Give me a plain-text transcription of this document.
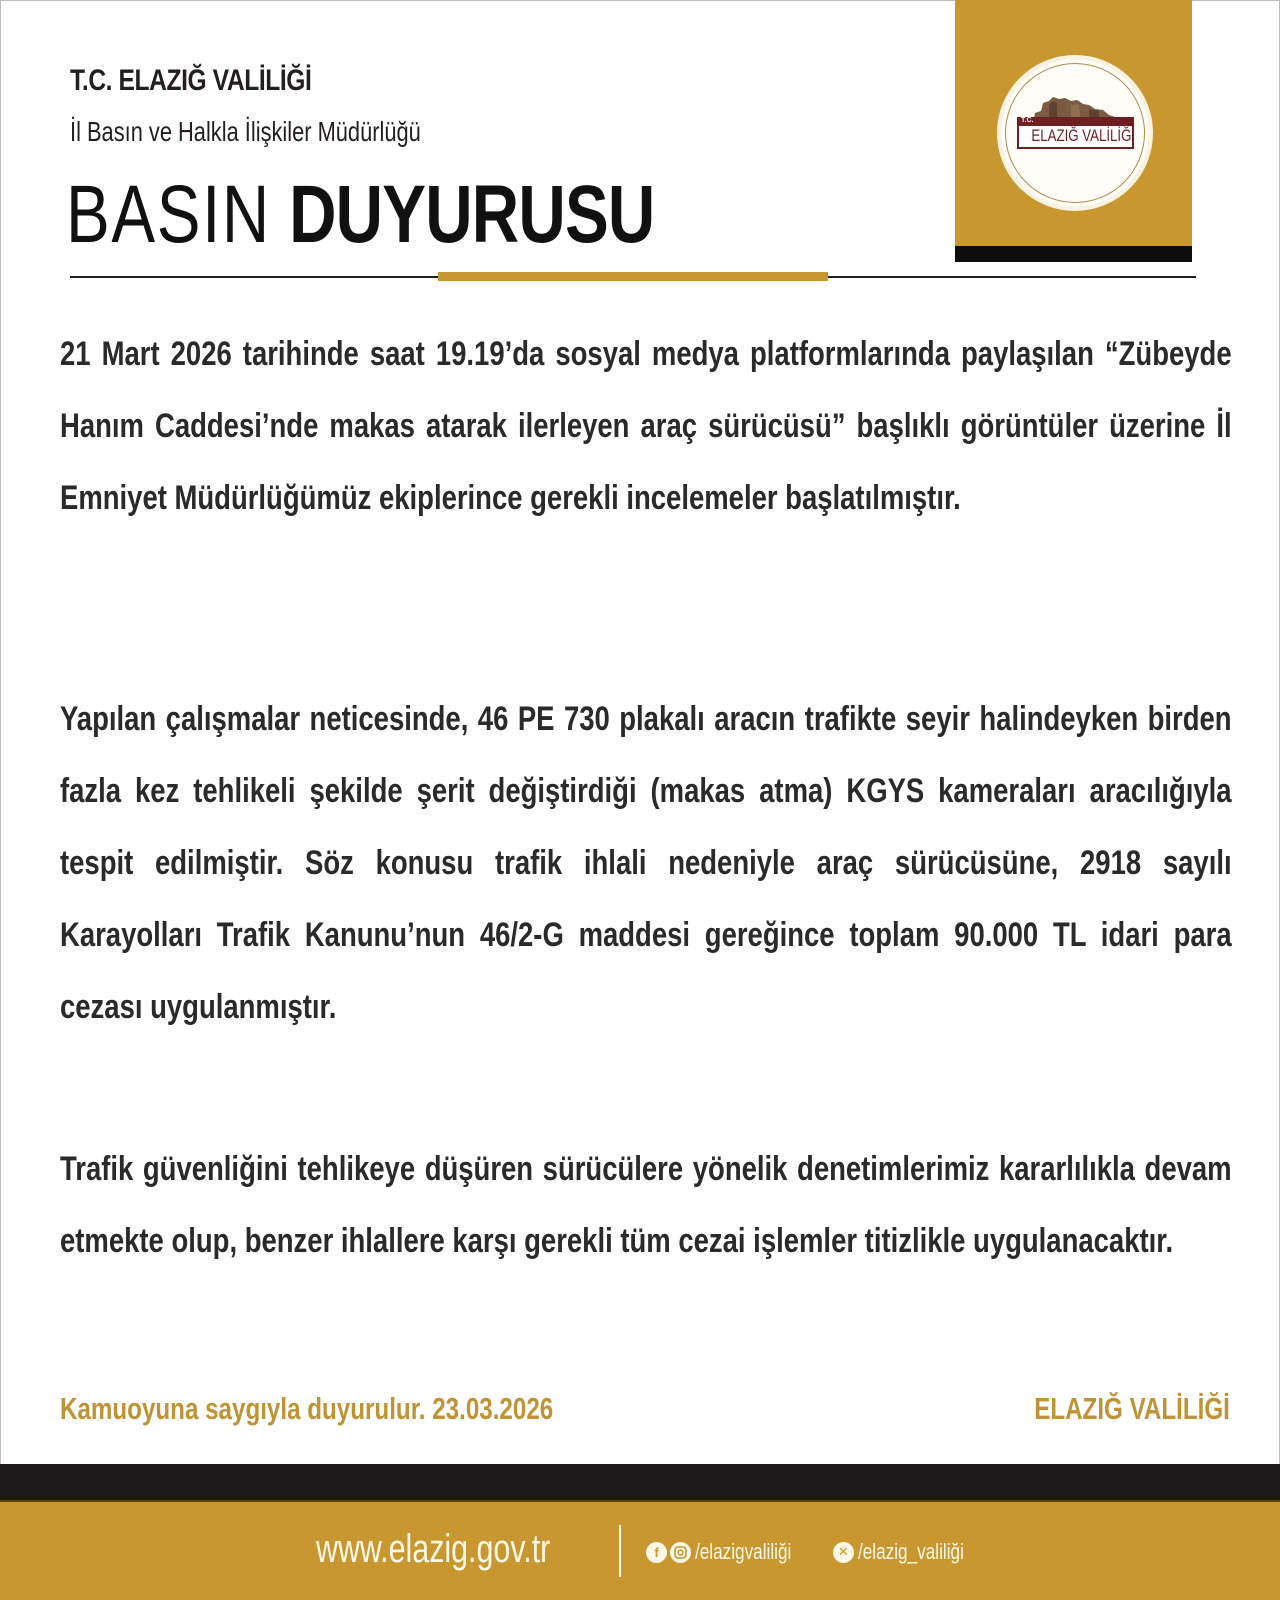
T.C. ELAZIĞ VALİLİĞİ
İl Basın ve Halkla İlişkiler Müdürlüğü
BASIN DUYURUSU
T.C.
ELAZIĞ VALİLİĞİ
21 Mart 2026 tarihinde saat 19.19’da sosyal medya platformlarında paylaşılan “Zübeyde Hanım Caddesi’nde makas atarak ilerleyen araç sürücüsü” başlıklı görüntüler üzerine İl Emniyet Müdürlüğümüz ekiplerince gerekli incelemeler başlatılmıştır.
Yapılan çalışmalar neticesinde, 46 PE 730 plakalı aracın trafikte seyir halindeyken birden fazla kez tehlikeli şekilde şerit değiştirdiği (makas atma) KGYS kameraları aracılığıyla tespit edilmiştir. Söz konusu trafik ihlali nedeniyle araç sürücüsüne, 2918 sayılı Karayolları Trafik Kanunu’nun 46/2-G maddesi gereğince toplam 90.000 TL idari para cezası uygulanmıştır.
Trafik güvenliğini tehlikeye düşüren sürücülere yönelik denetimlerimiz kararlılıkla devam etmekte olup, benzer ihlallere karşı gerekli tüm cezai işlemler titizlikle uygulanacaktır.
Kamuoyuna saygıyla duyurulur. 23.03.2026	ELAZIĞ VALİLİĞİ
www.elazig.gov.tr	f	/elazigvaliliği	✕ /elazig_valiliği
